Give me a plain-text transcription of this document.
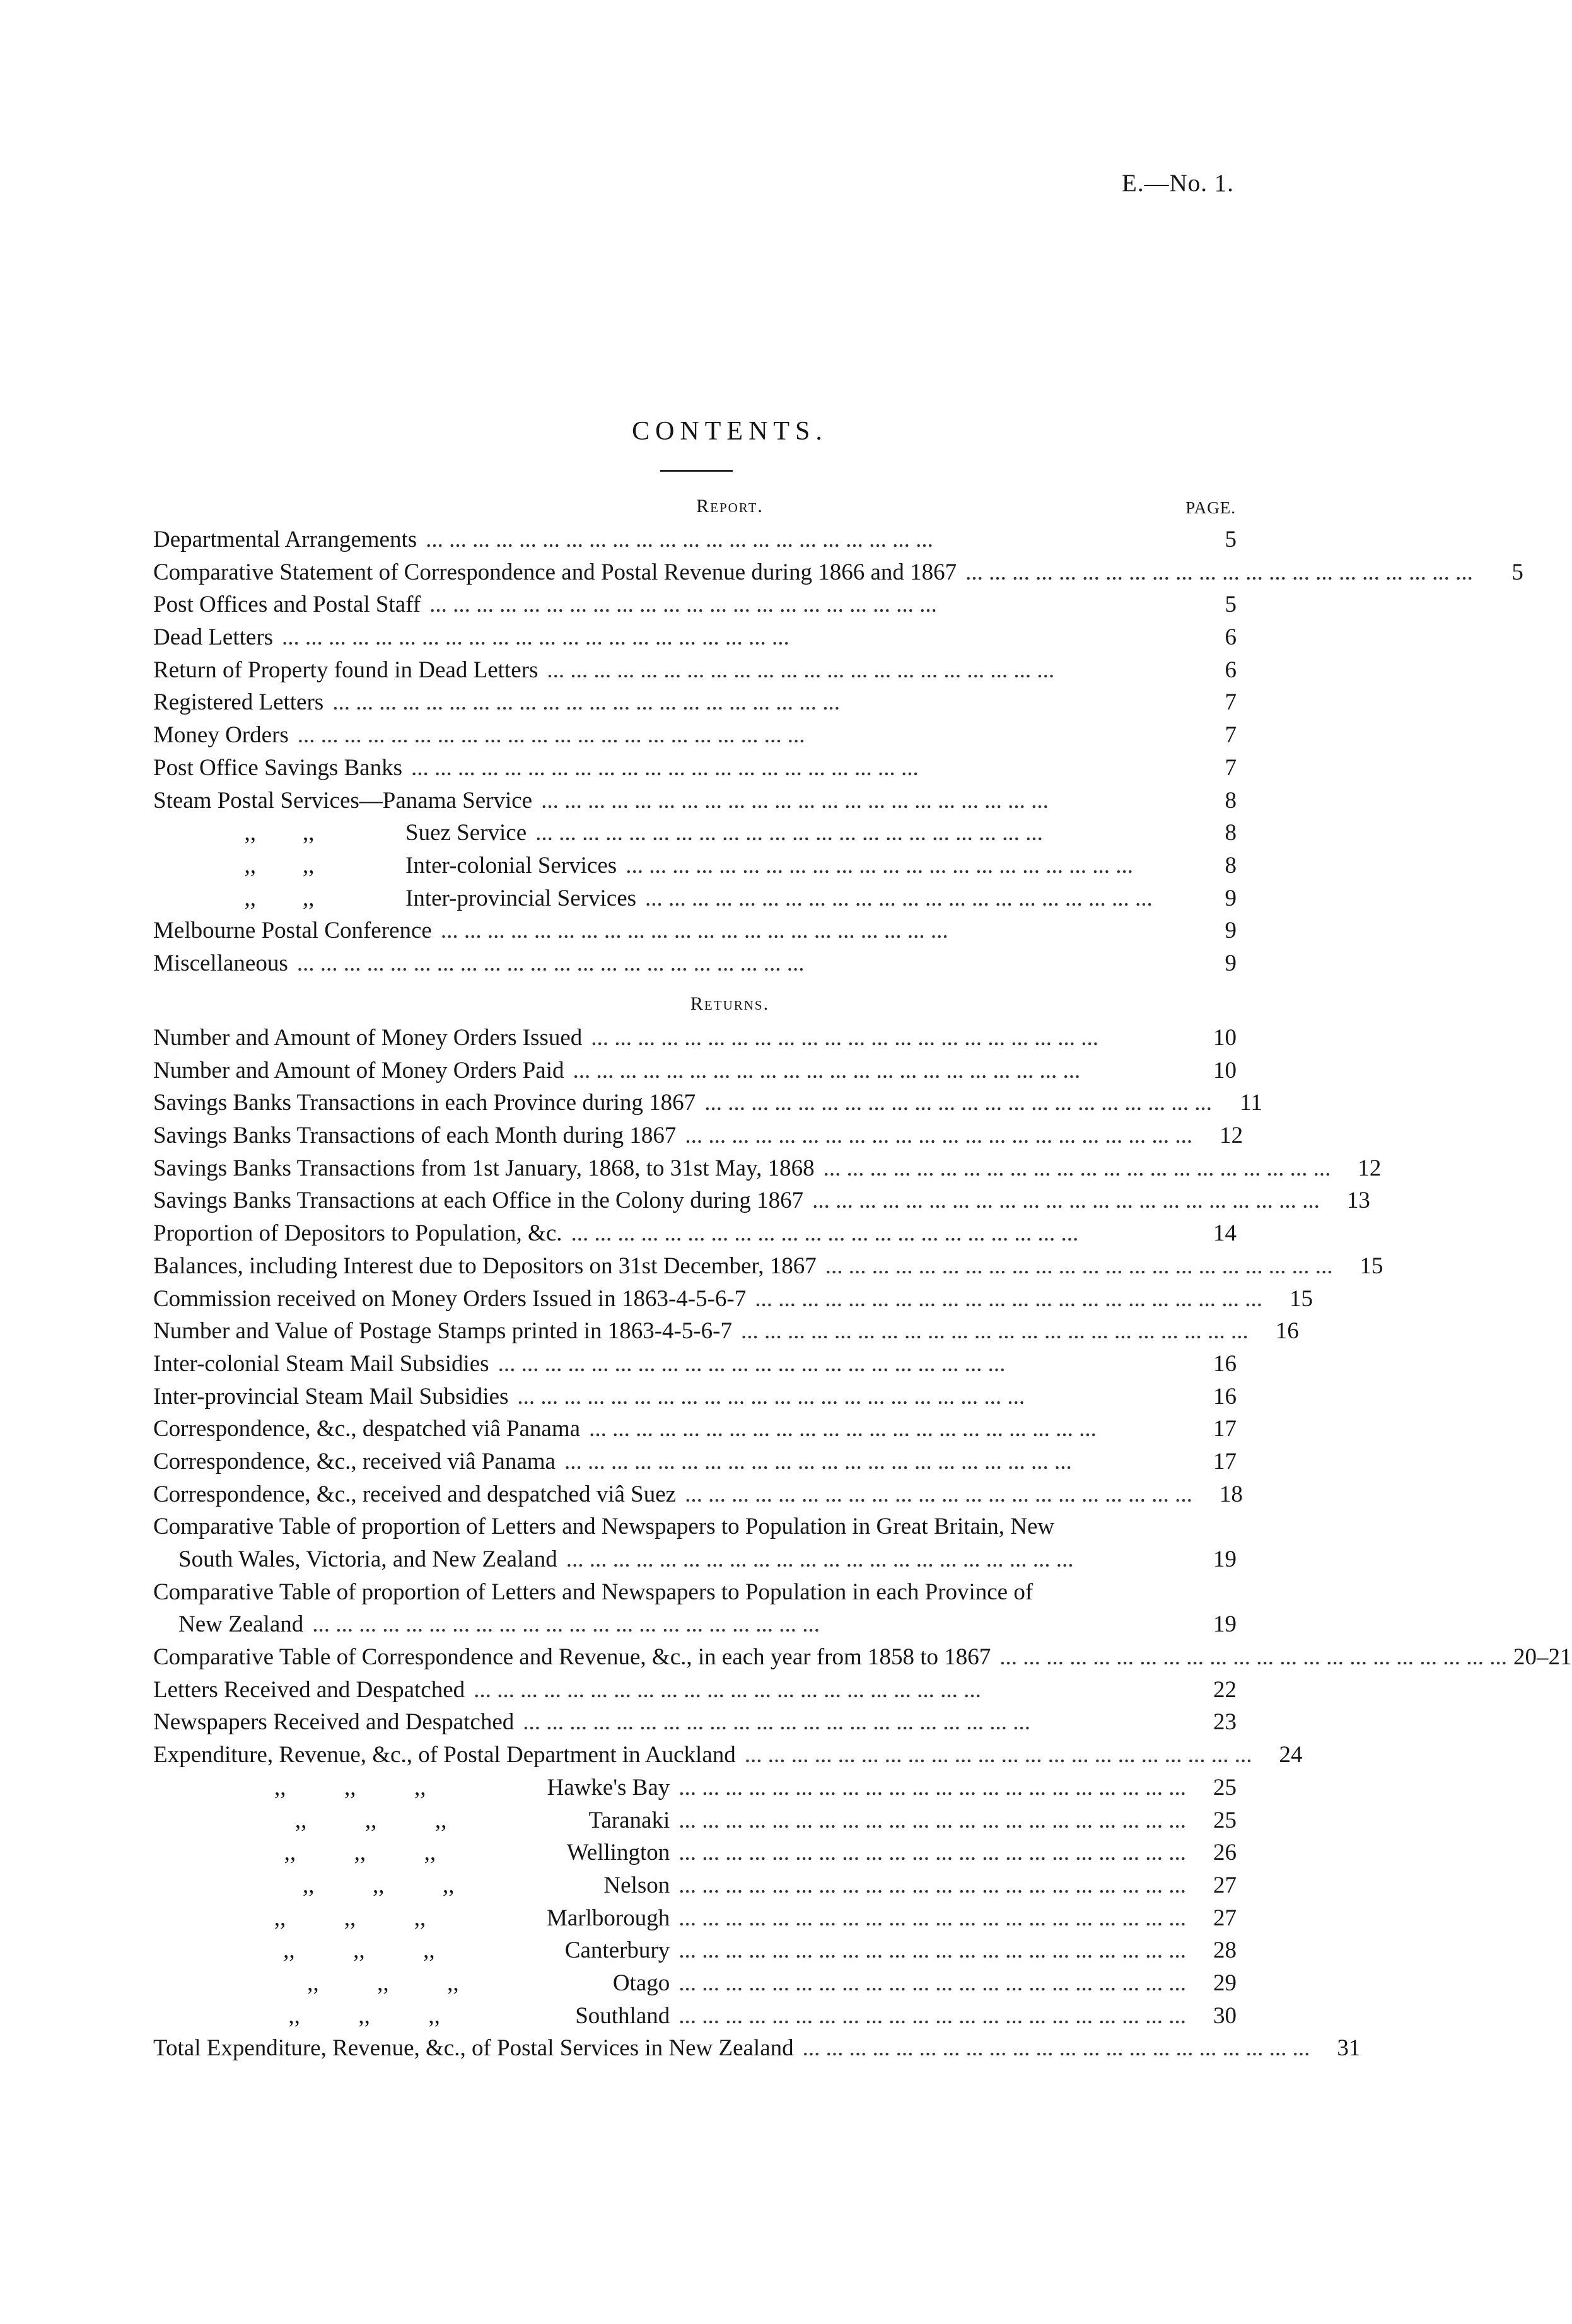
E.—No. 1.
CONTENTS.
Report.	PAGE.
Departmental Arrangements ... ... ... ... ... ... ... ... ... ... ... ... ... ... ... ... ... ... ... ... ... ...	5
Comparative Statement of Correspondence and Postal Revenue during 1866 and 1867 ... ... ... ... ... ... ... ... ... ... ... ... ... ... ... ... ... ... ... ... ... ...	5
Post Offices and Postal Staff ... ... ... ... ... ... ... ... ... ... ... ... ... ... ... ... ... ... ... ... ... ...	5
Dead Letters ... ... ... ... ... ... ... ... ... ... ... ... ... ... ... ... ... ... ... ... ... ...	6
Return of Property found in Dead Letters ... ... ... ... ... ... ... ... ... ... ... ... ... ... ... ... ... ... ... ... ... ...	6
Registered Letters ... ... ... ... ... ... ... ... ... ... ... ... ... ... ... ... ... ... ... ... ... ...	7
Money Orders ... ... ... ... ... ... ... ... ... ... ... ... ... ... ... ... ... ... ... ... ... ...	7
Post Office Savings Banks ... ... ... ... ... ... ... ... ... ... ... ... ... ... ... ... ... ... ... ... ... ...	7
Steam Postal Services—Panama Service ... ... ... ... ... ... ... ... ... ... ... ... ... ... ... ... ... ... ... ... ... ...	8
,,        ,,	Suez Service ... ... ... ... ... ... ... ... ... ... ... ... ... ... ... ... ... ... ... ... ... ...	8
,,        ,,	Inter-colonial Services ... ... ... ... ... ... ... ... ... ... ... ... ... ... ... ... ... ... ... ... ... ...	8
,,        ,,	Inter-provincial Services ... ... ... ... ... ... ... ... ... ... ... ... ... ... ... ... ... ... ... ... ... ...	9
Melbourne Postal Conference ... ... ... ... ... ... ... ... ... ... ... ... ... ... ... ... ... ... ... ... ... ...	9
Miscellaneous ... ... ... ... ... ... ... ... ... ... ... ... ... ... ... ... ... ... ... ... ... ...	9
Returns.
Number and Amount of Money Orders Issued ... ... ... ... ... ... ... ... ... ... ... ... ... ... ... ... ... ... ... ... ... ...	10
Number and Amount of Money Orders Paid ... ... ... ... ... ... ... ... ... ... ... ... ... ... ... ... ... ... ... ... ... ...	10
Savings Banks Transactions in each Province during 1867 ... ... ... ... ... ... ... ... ... ... ... ... ... ... ... ... ... ... ... ... ... ...	11
Savings Banks Transactions of each Month during 1867 ... ... ... ... ... ... ... ... ... ... ... ... ... ... ... ... ... ... ... ... ... ...	12
Savings Banks Transactions from 1st January, 1868, to 31st May, 1868 ... ... ... ... ... ... ... ... ... ... ... ... ... ... ... ... ... ... ... ... ... ...	12
Savings Banks Transactions at each Office in the Colony during 1867 ... ... ... ... ... ... ... ... ... ... ... ... ... ... ... ... ... ... ... ... ... ...	13
Proportion of Depositors to Population, &c. ... ... ... ... ... ... ... ... ... ... ... ... ... ... ... ... ... ... ... ... ... ...	14
Balances, including Interest due to Depositors on 31st December, 1867 ... ... ... ... ... ... ... ... ... ... ... ... ... ... ... ... ... ... ... ... ... ...	15
Commission received on Money Orders Issued in 1863-4-5-6-7 ... ... ... ... ... ... ... ... ... ... ... ... ... ... ... ... ... ... ... ... ... ...	15
Number and Value of Postage Stamps printed in 1863-4-5-6-7 ... ... ... ... ... ... ... ... ... ... ... ... ... ... ... ... ... ... ... ... ... ...	16
Inter-colonial Steam Mail Subsidies ... ... ... ... ... ... ... ... ... ... ... ... ... ... ... ... ... ... ... ... ... ...	16
Inter-provincial Steam Mail Subsidies ... ... ... ... ... ... ... ... ... ... ... ... ... ... ... ... ... ... ... ... ... ...	16
Correspondence, &c., despatched viâ Panama ... ... ... ... ... ... ... ... ... ... ... ... ... ... ... ... ... ... ... ... ... ...	17
Correspondence, &c., received viâ Panama ... ... ... ... ... ... ... ... ... ... ... ... ... ... ... ... ... ... ... ... ... ...	17
Correspondence, &c., received and despatched viâ Suez ... ... ... ... ... ... ... ... ... ... ... ... ... ... ... ... ... ... ... ... ... ...	18
Comparative Table of proportion of Letters and Newspapers to Population in Great Britain, New
South Wales, Victoria, and New Zealand ... ... ... ... ... ... ... ... ... ... ... ... ... ... ... ... ... ... ... ... ... ...	19
Comparative Table of proportion of Letters and Newspapers to Population in each Province of
New Zealand ... ... ... ... ... ... ... ... ... ... ... ... ... ... ... ... ... ... ... ... ... ...	19
Comparative Table of Correspondence and Revenue, &c., in each year from 1858 to 1867 ... ... ... ... ... ... ... ... ... ... ... ... ... ... ... ... ... ... ... ... ... ... 20–21
Letters Received and Despatched ... ... ... ... ... ... ... ... ... ... ... ... ... ... ... ... ... ... ... ... ... ...	22
Newspapers Received and Despatched ... ... ... ... ... ... ... ... ... ... ... ... ... ... ... ... ... ... ... ... ... ...	23
Expenditure, Revenue, &c., of Postal Department in Auckland ... ... ... ... ... ... ... ... ... ... ... ... ... ... ... ... ... ... ... ... ... ...	24
,,          ,,          ,,	Hawke's Bay ... ... ... ... ... ... ... ... ... ... ... ... ... ... ... ... ... ... ... ... ... ...	25
,,          ,,          ,,	Taranaki ... ... ... ... ... ... ... ... ... ... ... ... ... ... ... ... ... ... ... ... ... ...	25
,,          ,,          ,,	Wellington ... ... ... ... ... ... ... ... ... ... ... ... ... ... ... ... ... ... ... ... ... ...	26
,,          ,,          ,,	Nelson ... ... ... ... ... ... ... ... ... ... ... ... ... ... ... ... ... ... ... ... ... ...	27
,,          ,,          ,,	Marlborough ... ... ... ... ... ... ... ... ... ... ... ... ... ... ... ... ... ... ... ... ... ...	27
,,          ,,          ,,	Canterbury ... ... ... ... ... ... ... ... ... ... ... ... ... ... ... ... ... ... ... ... ... ...	28
,,          ,,          ,,	Otago ... ... ... ... ... ... ... ... ... ... ... ... ... ... ... ... ... ... ... ... ... ...	29
,,          ,,          ,,	Southland ... ... ... ... ... ... ... ... ... ... ... ... ... ... ... ... ... ... ... ... ... ...	30
Total Expenditure, Revenue, &c., of Postal Services in New Zealand ... ... ... ... ... ... ... ... ... ... ... ... ... ... ... ... ... ... ... ... ... ...	31
